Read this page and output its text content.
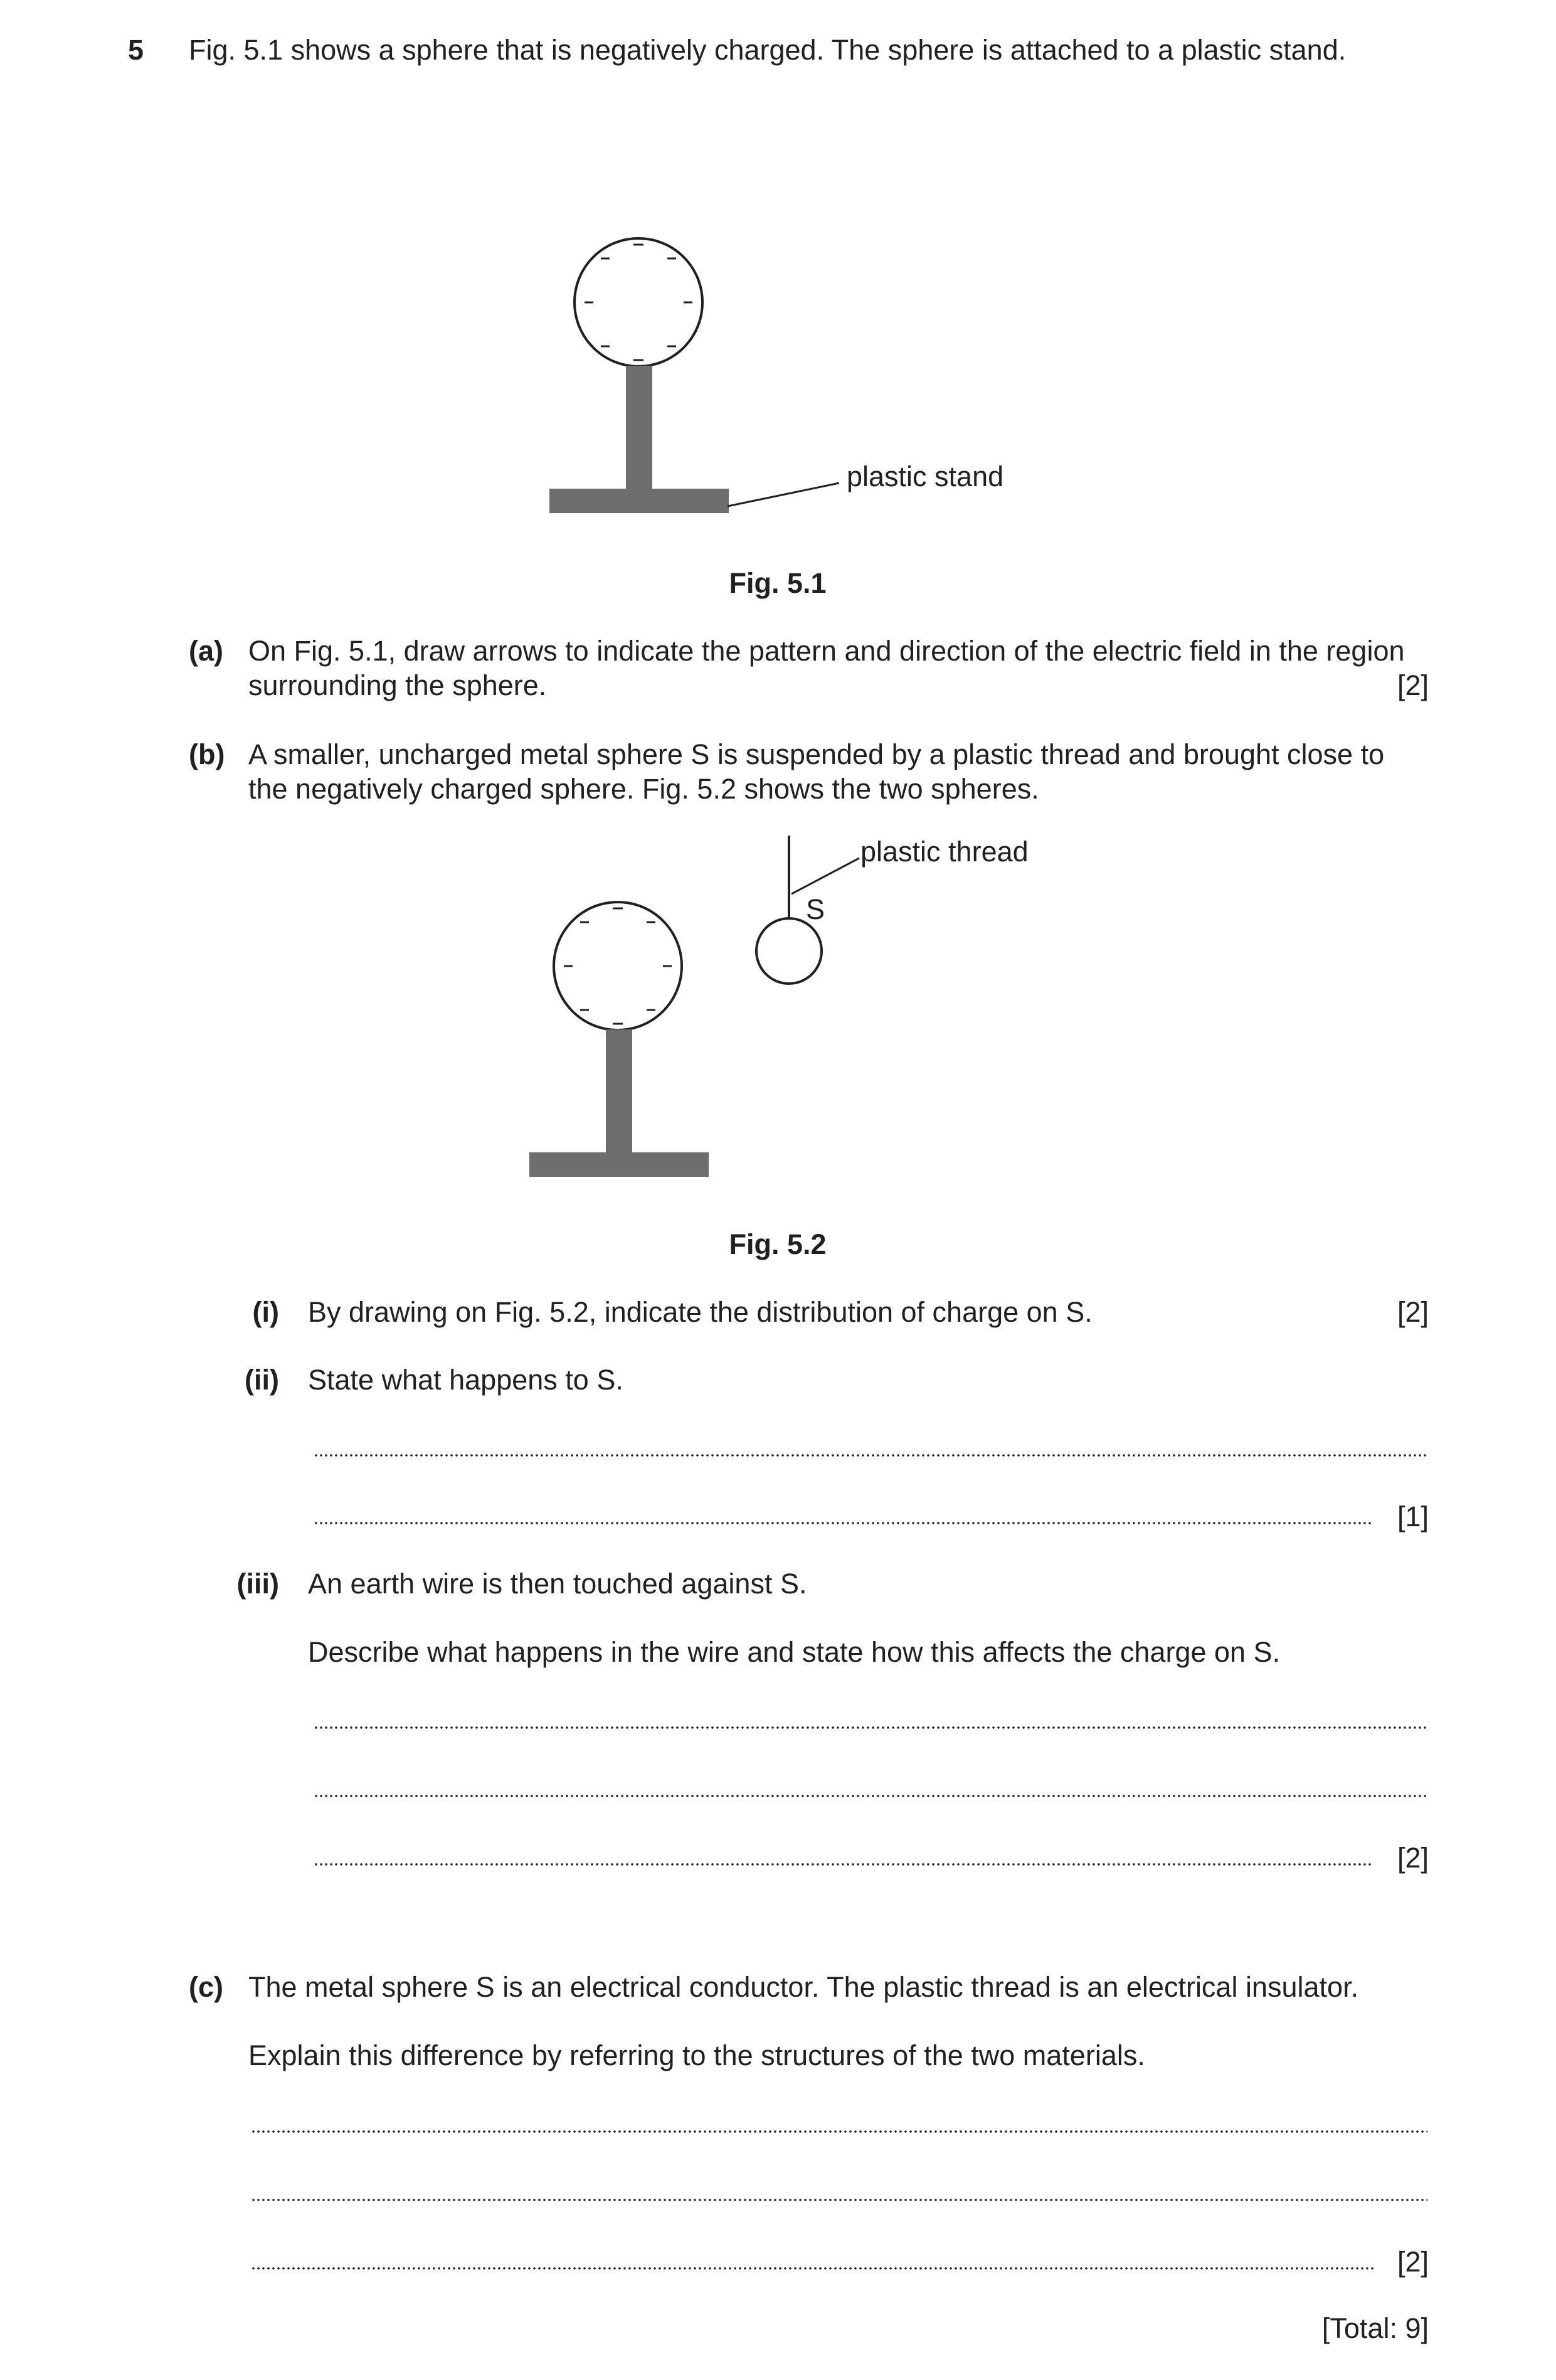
5 Fig. 5.1 shows a sphere that is negatively charged. The sphere is attached to a plastic stand.
plastic stand
Fig. 5.1
(a) On Fig. 5.1, draw arrows to indicate the pattern and direction of the electric field in the region
surrounding the sphere.	[2]
(b) A smaller, uncharged metal sphere S is suspended by a plastic thread and brought close to
the negatively charged sphere. Fig. 5.2 shows the two spheres.
plastic thread
S
Fig. 5.2
(i) By drawing on Fig. 5.2, indicate the distribution of charge on S.	[2]
(ii) State what happens to S.
[1]
(iii) An earth wire is then touched against S.
Describe what happens in the wire and state how this affects the charge on S.
[2]
(c) The metal sphere S is an electrical conductor. The plastic thread is an electrical insulator.
Explain this difference by referring to the structures of the two materials.
[2]
[Total: 9]
